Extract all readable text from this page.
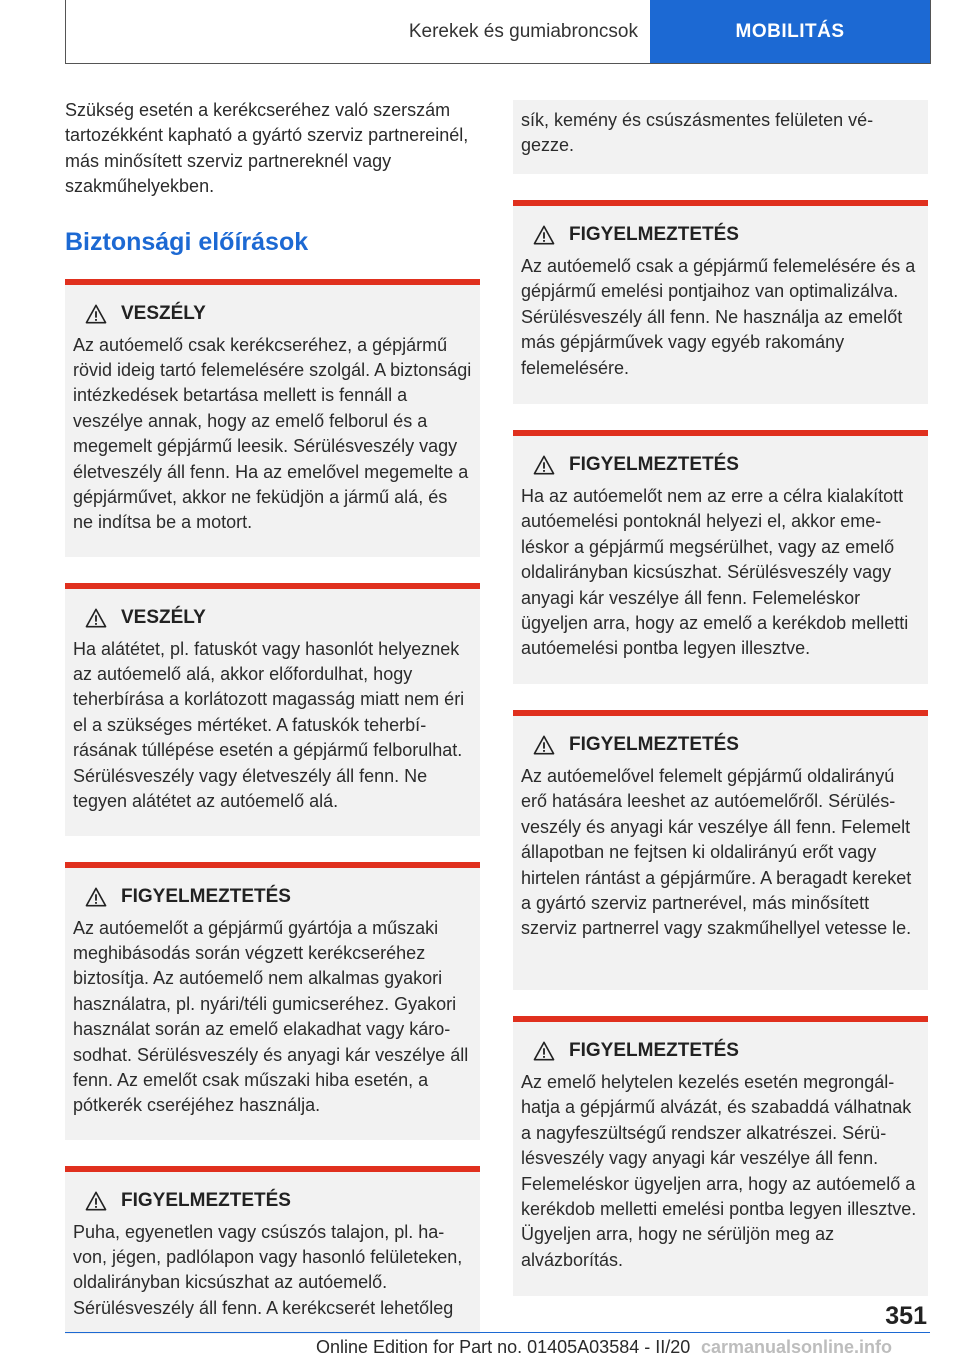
Kerekek és gumiabroncsok	MOBILITÁS

Szükség esetén a kerékcseréhez való szerszám tartozékként kapható a gyártó szerviz partnereinél, más minősített szerviz partnereknél vagy szakműhelyekben.

Biztonsági előírások
VESZÉLY

Az autóemelő csak kerékcseréhez, a gépjármű rövid ideig tartó felemelésére szolgál. A biztonsági intézkedések betartása mellett is fennáll a veszélye annak, hogy az emelő felborul és a megemelt gépjármű leesik. Sérülésveszély vagy életveszély áll fenn. Ha az emelővel megemelte a gépjárművet, akkor ne feküdjön a jármű alá, és ne indítsa be a motort.

VESZÉLY

Ha alátétet, pl. fatuskót vagy hasonlót helyeznek az autóemelő alá, akkor előfordulhat, hogy teherbírása a korlátozott magasság miatt nem éri el a szükséges mértéket. A fatuskók teherbírásának túllépése esetén a gépjármű felborulhat. Sérülésveszély vagy életveszély áll fenn. Ne tegyen alátétet az autóemelő alá.

FIGYELMEZTETÉS

Az autóemelőt a gépjármű gyártója a műszaki meghibásodás során végzett kerékcseréhez biztosítja. Az autóemelő nem alkalmas gyakori használatra, pl. nyári/téli gumicseréhez. Gyakori használat során az emelő elakadhat vagy károsodhat. Sérülésveszély és anyagi kár veszélye áll fenn. Az emelőt csak műszaki hiba esetén, a pótkerék cseréjéhez használja.

FIGYELMEZTETÉS

Puha, egyenetlen vagy csúszós talajon, pl. havon, jégen, padlólapon vagy hasonló felületeken, oldalirányban kicsúszhat az autóemelő. Sérülésveszély áll fenn. A kerékcserét lehetőleg

sík, kemény és csúszásmentes felületen végezze.

FIGYELMEZTETÉS

Az autóemelő csak a gépjármű felemelésére és a gépjármű emelési pontjaihoz van optimalizálva. Sérülésveszély áll fenn. Ne használja az emelőt más gépjárművek vagy egyéb rakomány felemelésére.

FIGYELMEZTETÉS

Ha az autóemelőt nem az erre a célra kialakított autóemelési pontoknál helyezi el, akkor emeléskor a gépjármű megsérülhet, vagy az emelő oldalirányban kicsúszhat. Sérülésveszély vagy anyagi kár veszélye áll fenn. Felemeléskor ügyeljen arra, hogy az emelő a kerékdob melletti autóemelési pontba legyen illesztve.

FIGYELMEZTETÉS

Az autóemelővel felemelt gépjármű oldalirányú erő hatására leeshet az autóemelőről. Sérülésveszély és anyagi kár veszélye áll fenn. Felemelt állapotban ne fejtsen ki oldalirányú erőt vagy hirtelen rántást a gépjárműre. A beragadt kereket a gyártó szerviz partnerével, más minősített szerviz partnerrel vagy szakműhellyel vetesse le.

FIGYELMEZTETÉS

Az emelő helytelen kezelés esetén megrongálhatja a gépjármű alvázát, és szabaddá válhatnak a nagyfeszültségű rendszer alkatrészei. Sérülésveszély vagy anyagi kár veszélye áll fenn. Felemeléskor ügyeljen arra, hogy az autóemelő a kerékdob melletti emelési pontba legyen illesztve. Ügyeljen arra, hogy ne sérüljön meg az alvázborítás.

351
Online Edition for Part no. 01405A03584 - II/20 carmanualsonline.info
